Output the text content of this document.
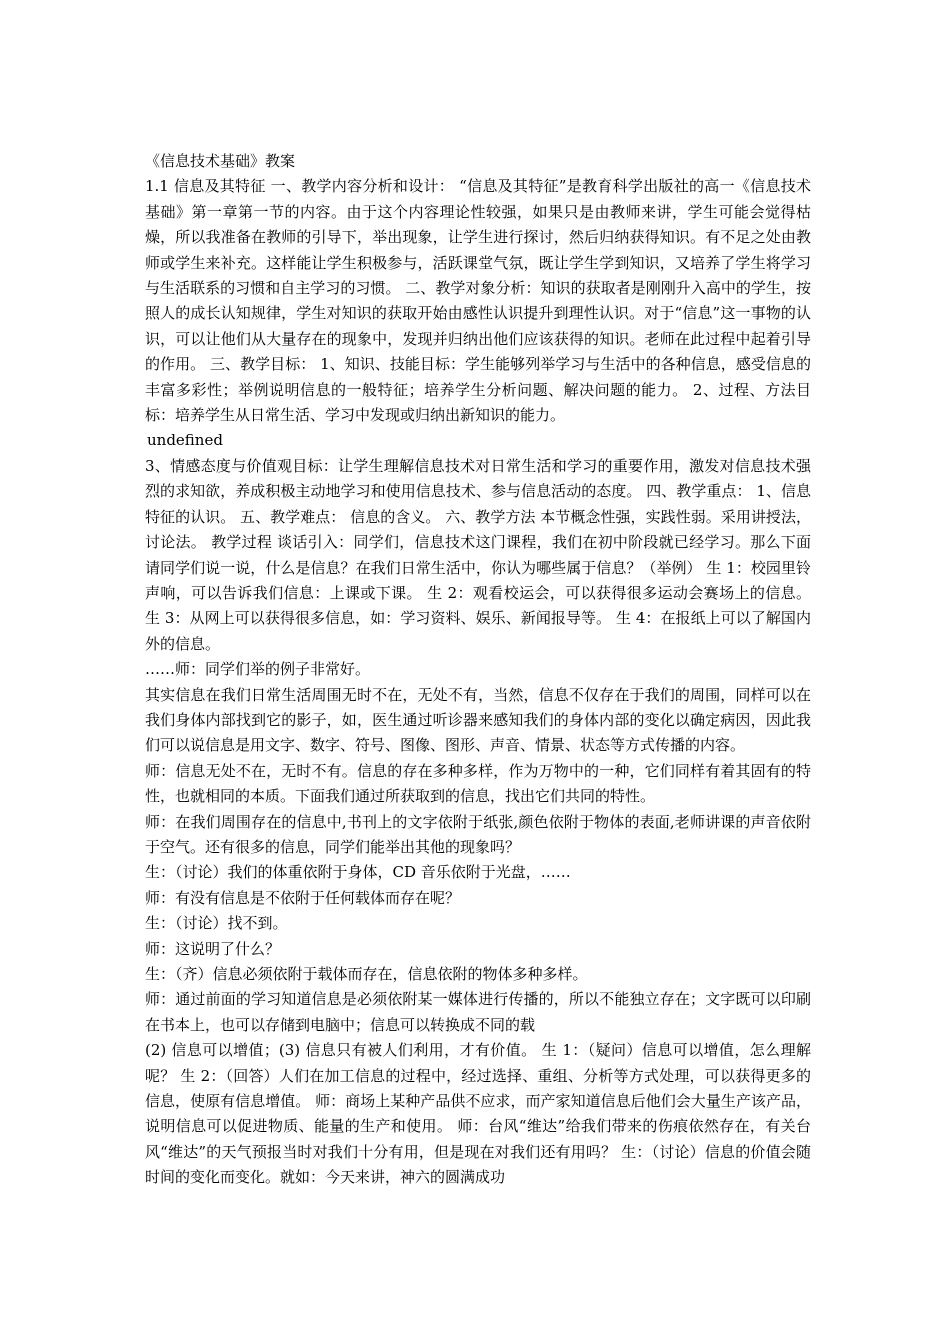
《信息技术基础》教案

1.1 信息及其特征 一、教学内容分析和设计： “信息及其特征”是教育科学出版社的高一《信息技术基础》第一章第一节的内容。由于这个内容理论性较强，如果只是由教师来讲，学生可能会觉得枯燥，所以我准备在教师的引导下，举出现象，让学生进行探讨，然后归纳获得知识。有不足之处由教师或学生来补充。这样能让学生积极参与，活跃课堂气氛，既让学生学到知识，又培养了学生将学习与生活联系的习惯和自主学习的习惯。 二、教学对象分析：知识的获取者是刚刚升入高中的学生，按照人的成长认知规律，学生对知识的获取开始由感性认识提升到理性认识。对于“信息”这一事物的认识，可以让他们从大量存在的现象中，发现并归纳出他们应该获得的知识。老师在此过程中起着引导的作用。 三、教学目标： 1、知识、技能目标：学生能够列举学习与生活中的各种信息，感受信息的丰富多彩性；举例说明信息的一般特征；培养学生分析问题、解决问题的能力。 2、过程、方法目标：培养学生从日常生活、学习中发现或归纳出新知识的能力。

undefined

3、情感态度与价值观目标：让学生理解信息技术对日常生活和学习的重要作用，激发对信息技术强烈的求知欲，养成积极主动地学习和使用信息技术、参与信息活动的态度。 四、教学重点： 1、信息特征的认识。 五、教学难点： 信息的含义。 六、教学方法 本节概念性强，实践性弱。采用讲授法，讨论法。 教学过程 谈话引入：同学们，信息技术这门课程，我们在初中阶段就已经学习。那么下面请同学们说一说，什么是信息？在我们日常生活中，你认为哪些属于信息？（举例） 生 1：校园里铃声响，可以告诉我们信息：上课或下课。 生 2：观看校运会，可以获得很多运动会赛场上的信息。 生 3：从网上可以获得很多信息，如：学习资料、娱乐、新闻报导等。 生 4：在报纸上可以了解国内外的信息。

……师：同学们举的例子非常好。

其实信息在我们日常生活周围无时不在，无处不有，当然，信息不仅存在于我们的周围，同样可以在我们身体内部找到它的影子，如，医生通过听诊器来感知我们的身体内部的变化以确定病因，因此我们可以说信息是用文字、数字、符号、图像、图形、声音、情景、状态等方式传播的内容。

师：信息无处不在，无时不有。信息的存在多种多样，作为万物中的一种，它们同样有着其固有的特性，也就相同的本质。下面我们通过所获取到的信息，找出它们共同的特性。

师：在我们周围存在的信息中,书刊上的文字依附于纸张,颜色依附于物体的表面,老师讲课的声音依附于空气。还有很多的信息，同学们能举出其他的现象吗？

生：（讨论）我们的体重依附于身体，CD 音乐依附于光盘，……

师：有没有信息是不依附于任何载体而存在呢？

生：（讨论）找不到。

师：这说明了什么？

生：（齐）信息必须依附于载体而存在，信息依附的物体多种多样。

师：通过前面的学习知道信息是必须依附某一媒体进行传播的，所以不能独立存在；文字既可以印刷在书本上，也可以存储到电脑中；信息可以转换成不同的载

(2) 信息可以增值；(3) 信息只有被人们利用，才有价值。 生 1：（疑问）信息可以增值，怎么理解呢？ 生 2：（回答）人们在加工信息的过程中，经过选择、重组、分析等方式处理，可以获得更多的信息，使原有信息增值。 师：商场上某种产品供不应求，而产家知道信息后他们会大量生产该产品，说明信息可以促进物质、能量的生产和使用。 师：台风“维达”给我们带来的伤痕依然存在，有关台风“维达”的天气预报当时对我们十分有用，但是现在对我们还有用吗？ 生：（讨论）信息的价值会随时间的变化而变化。就如：今天来讲，神六的圆满成功
